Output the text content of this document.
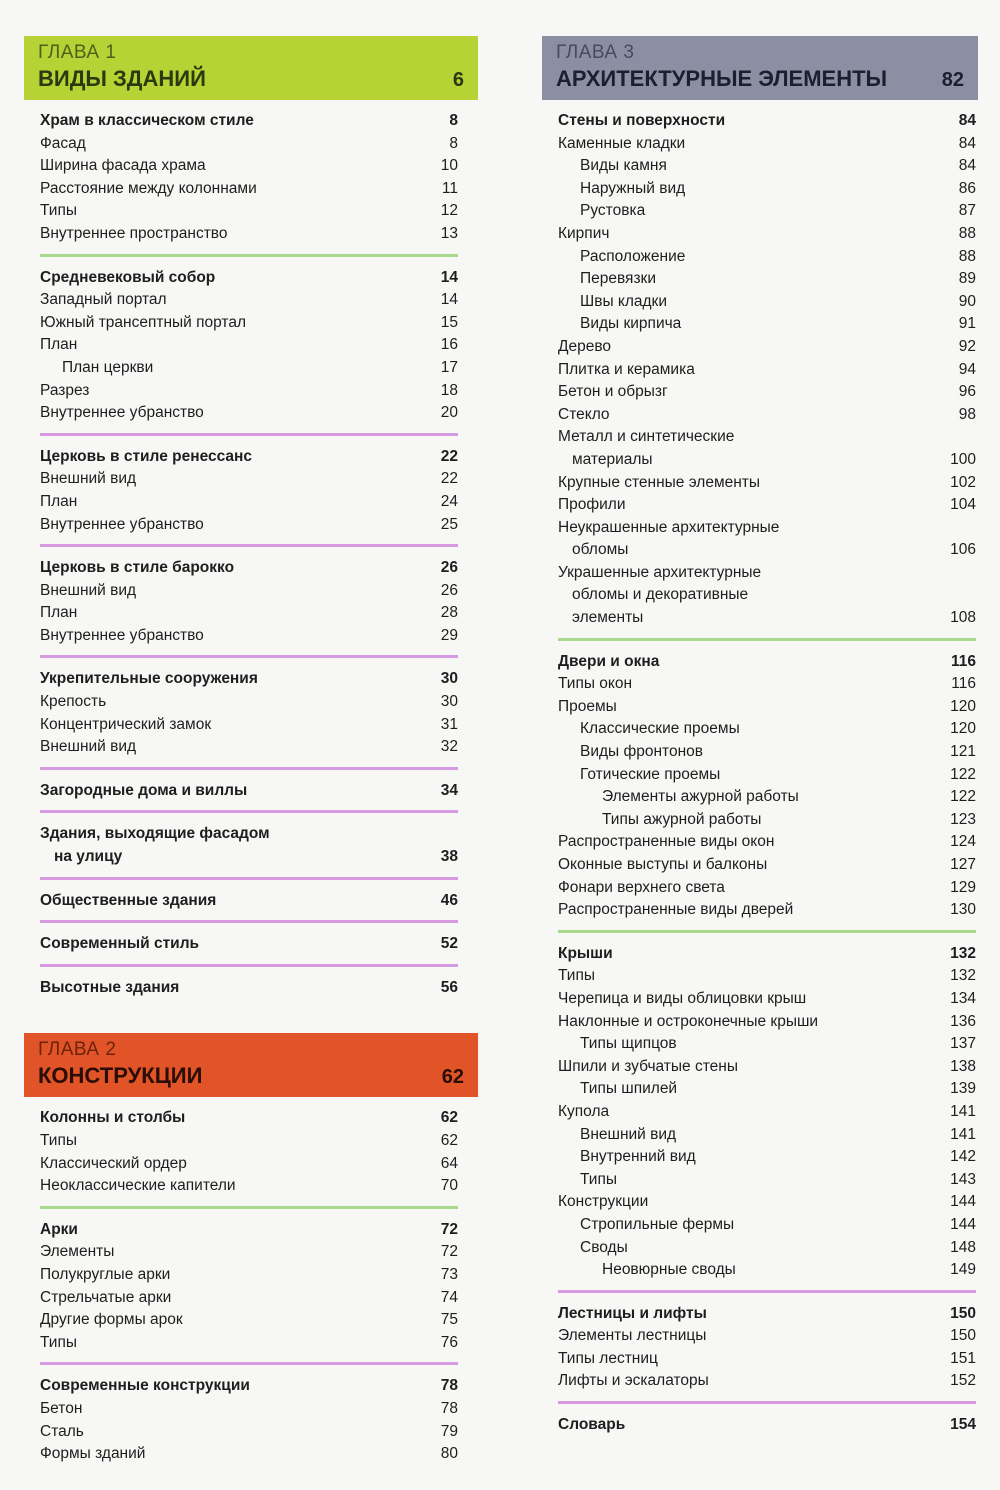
ГЛАВА 1
ВИДЫ ЗДАНИЙ	6
Храм в классическом стиле	8
Фасад	8
Ширина фасада храма	10
Расстояние между колоннами	11
Типы	12
Внутреннее пространство	13
Средневековый собор	14
Западный портал	14
Южный трансептный портал	15
План	16
План церкви	17
Разрез	18
Внутреннее убранство	20
Церковь в стиле ренессанс	22
Внешний вид	22
План	24
Внутреннее убранство	25
Церковь в стиле барокко	26
Внешний вид	26
План	28
Внутреннее убранство	29
Укрепительные сооружения	30
Крепость	30
Концентрический замок	31
Внешний вид	32
Загородные дома и виллы	34
Здания, выходящие фасадом
на улицу	38
Общественные здания	46
Современный стиль	52
Высотные здания	56
ГЛАВА 2
КОНСТРУКЦИИ	62
Колонны и столбы	62
Типы	62
Классический ордер	64
Неоклассические капители	70
Арки	72
Элементы	72
Полукруглые арки	73
Стрельчатые арки	74
Другие формы арок	75
Типы	76
Современные конструкции	78
Бетон	78
Сталь	79
Формы зданий	80
ГЛАВА 3
АРХИТЕКТУРНЫЕ ЭЛЕМЕНТЫ	82
Стены и поверхности	84
Каменные кладки	84
Виды камня	84
Наружный вид	86
Рустовка	87
Кирпич	88
Расположение	88
Перевязки	89
Швы кладки	90
Виды кирпича	91
Дерево	92
Плитка и керамика	94
Бетон и обрызг	96
Стекло	98
Металл и синтетические
материалы	100
Крупные стенные элементы	102
Профили	104
Неукрашенные архитектурные
обломы	106
Украшенные архитектурные
обломы и декоративные
элементы	108
Двери и окна	116
Типы окон	116
Проемы	120
Классические проемы	120
Виды фронтонов	121
Готические проемы	122
Элементы ажурной работы	122
Типы ажурной работы	123
Распространенные виды окон	124
Оконные выступы и балконы	127
Фонари верхнего света	129
Распространенные виды дверей	130
Крыши	132
Типы	132
Черепица и виды облицовки крыш	134
Наклонные и остроконечные крыши	136
Типы щипцов	137
Шпили и зубчатые стены	138
Типы шпилей	139
Купола	141
Внешний вид	141
Внутренний вид	142
Типы	143
Конструкции	144
Стропильные фермы	144
Своды	148
Неовюрные своды	149
Лестницы и лифты	150
Элементы лестницы	150
Типы лестниц	151
Лифты и эскалаторы	152
Словарь	154
